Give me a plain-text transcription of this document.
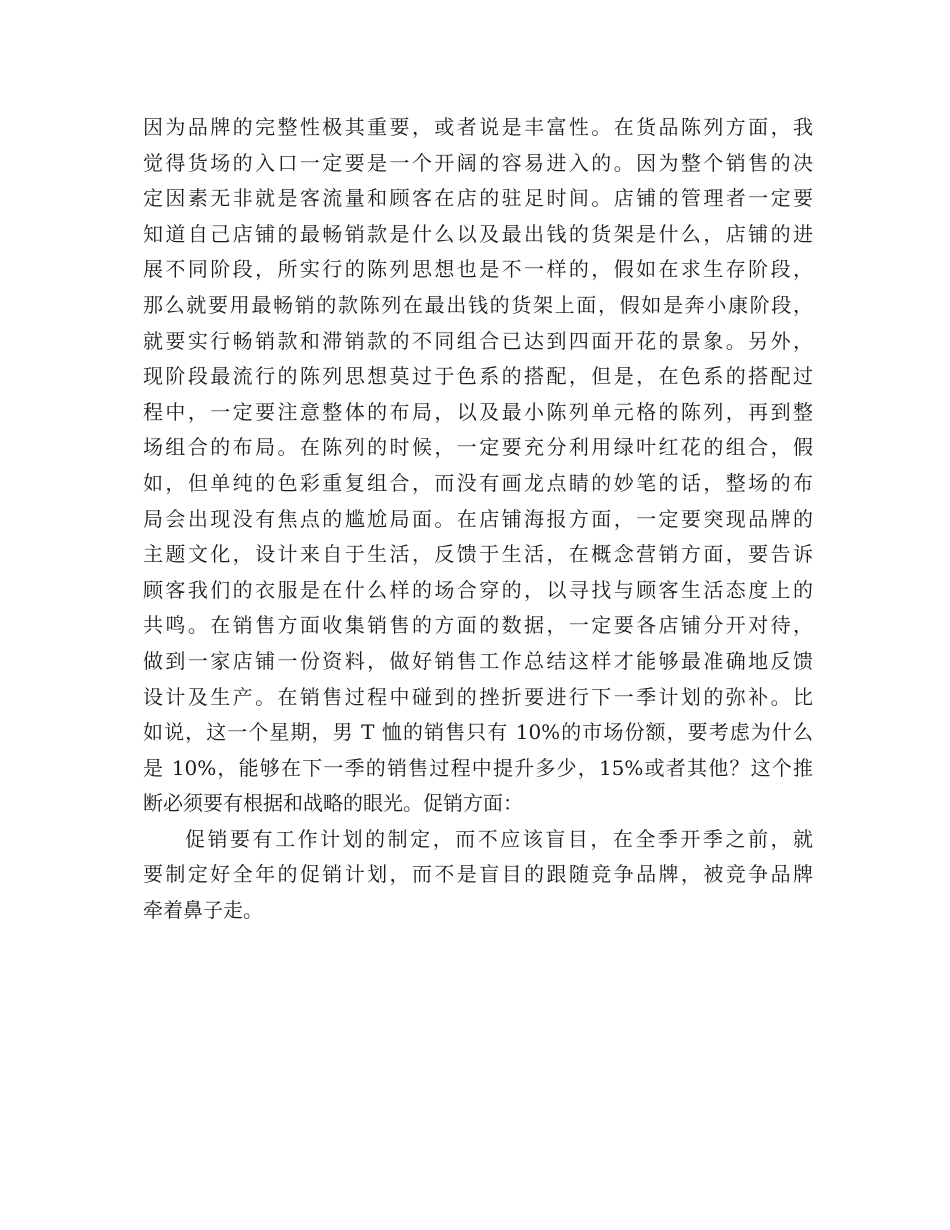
因为品牌的完整性极其重要，或者说是丰富性。在货品陈列方面，我
觉得货场的入口一定要是一个开阔的容易进入的。因为整个销售的决
定因素无非就是客流量和顾客在店的驻足时间。店铺的管理者一定要
知道自己店铺的最畅销款是什么以及最出钱的货架是什么，店铺的进
展不同阶段，所实行的陈列思想也是不一样的，假如在求生存阶段，
那么就要用最畅销的款陈列在最出钱的货架上面，假如是奔小康阶段，
就要实行畅销款和滞销款的不同组合已达到四面开花的景象。另外，
现阶段最流行的陈列思想莫过于色系的搭配，但是，在色系的搭配过
程中，一定要注意整体的布局，以及最小陈列单元格的陈列，再到整
场组合的布局。在陈列的时候，一定要充分利用绿叶红花的组合，假
如，但单纯的色彩重复组合，而没有画龙点睛的妙笔的话，整场的布
局会出现没有焦点的尴尬局面。在店铺海报方面，一定要突现品牌的
主题文化，设计来自于生活，反馈于生活，在概念营销方面，要告诉
顾客我们的衣服是在什么样的场合穿的，以寻找与顾客生活态度上的
共鸣。在销售方面收集销售的方面的数据，一定要各店铺分开对待，
做到一家店铺一份资料，做好销售工作总结这样才能够最准确地反馈
设计及生产。在销售过程中碰到的挫折要进行下一季计划的弥补。比
如说，这一个星期，男 T 恤的销售只有 10%的市场份额，要考虑为什么
是 10%，能够在下一季的销售过程中提升多少，15%或者其他？这个推
断必须要有根据和战略的眼光。促销方面：
促销要有工作计划的制定，而不应该盲目，在全季开季之前，就
要制定好全年的促销计划，而不是盲目的跟随竞争品牌，被竞争品牌
牵着鼻子走。
